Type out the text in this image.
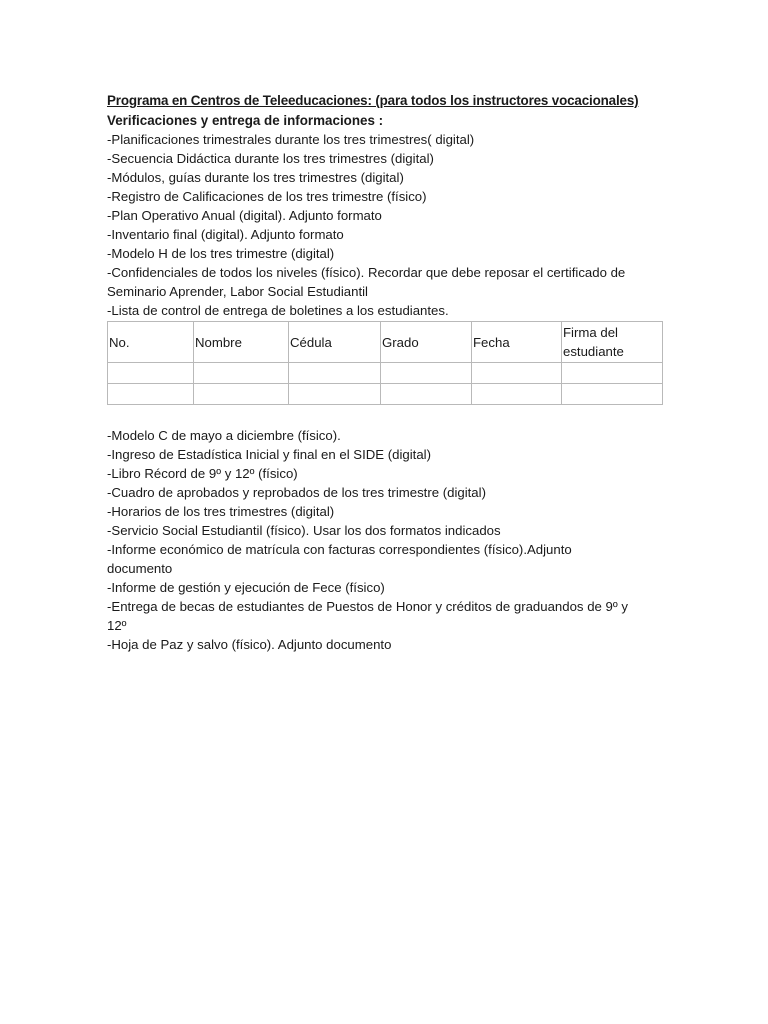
Programa en Centros de Teleeducaciones: (para todos los instructores vocacionales)
Verificaciones y entrega de informaciones :
-Planificaciones trimestrales durante los tres trimestres( digital)
-Secuencia Didáctica durante los tres trimestres (digital)
-Módulos, guías durante los tres trimestres (digital)
-Registro de Calificaciones de los tres trimestre (físico)
-Plan Operativo Anual (digital). Adjunto formato
-Inventario final (digital). Adjunto formato
-Modelo H de los tres trimestre (digital)
-Confidenciales de todos los niveles (físico). Recordar que debe reposar el certificado de
Seminario Aprender, Labor Social Estudiantil
-Lista de control de entrega de boletines a los estudiantes.
No.	Nombre	Cédula	Grado	Fecha	Firma del estudiante

-Modelo C de mayo a diciembre (físico).
-Ingreso de Estadística Inicial y final en el SIDE (digital)
-Libro Récord de 9º y 12º (físico)
-Cuadro de aprobados y reprobados de los tres trimestre (digital)
-Horarios de los tres trimestres (digital)
-Servicio Social Estudiantil (físico). Usar los dos formatos indicados
-Informe económico de matrícula con facturas correspondientes (físico).Adjunto
documento
-Informe de gestión y ejecución de Fece (físico)
-Entrega de becas de estudiantes de Puestos de Honor y créditos de graduandos de 9º y
12º
-Hoja de Paz y salvo (físico). Adjunto documento
